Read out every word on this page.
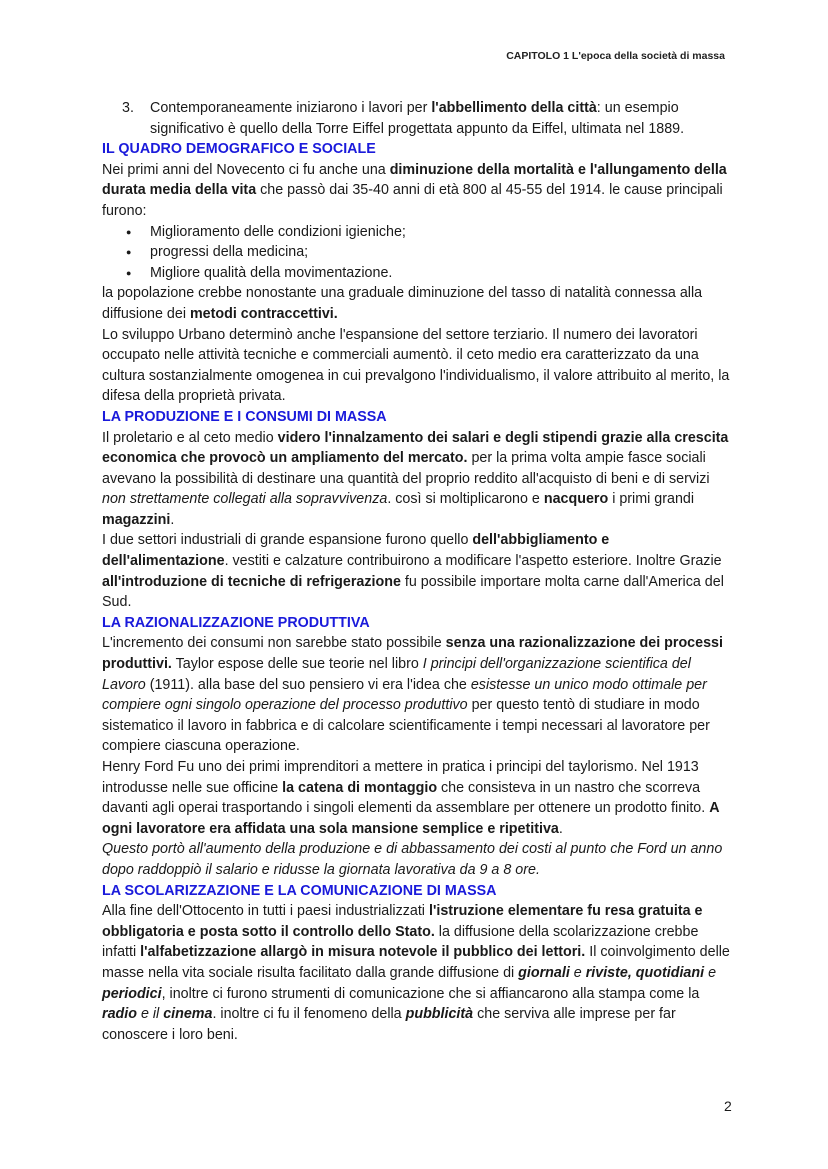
CAPITOLO 1 L'epoca della società di massa

3. Contemporaneamente iniziarono i lavori per l'abbellimento della città: un esempio significativo è quello della Torre Eiffel progettata appunto da Eiffel, ultimata nel 1889.

IL QUADRO DEMOGRAFICO E SOCIALE

Nei primi anni del Novecento ci fu anche una diminuzione della mortalità e l'allungamento della durata media della vita che passò dai 35-40 anni di età 800 al 45-55 del 1914. le cause principali furono:

● Miglioramento delle condizioni igieniche;
● progressi della medicina;
● Migliore qualità della movimentazione.

la popolazione crebbe nonostante una graduale diminuzione del tasso di natalità connessa alla diffusione dei metodi contraccettivi.

Lo sviluppo Urbano determinò anche l'espansione del settore terziario. Il numero dei lavoratori occupato nelle attività tecniche e commerciali aumentò. il ceto medio era caratterizzato da una cultura sostanzialmente omogenea in cui prevalgono l'individualismo, il valore attribuito al merito, la difesa della proprietà privata.

LA PRODUZIONE E I CONSUMI DI MASSA

Il proletario e al ceto medio videro l'innalzamento dei salari e degli stipendi grazie alla crescita economica che provocò un ampliamento del mercato. per la prima volta ampie fasce sociali avevano la possibilità di destinare una quantità del proprio reddito all'acquisto di beni e di servizi non strettamente collegati alla sopravvivenza. così si moltiplicarono e nacquero i primi grandi magazzini.

I due settori industriali di grande espansione furono quello dell'abbigliamento e dell'alimentazione. vestiti e calzature contribuirono a modificare l'aspetto esteriore. Inoltre Grazie all'introduzione di tecniche di refrigerazione fu possibile importare molta carne dall'America del Sud.

LA RAZIONALIZZAZIONE PRODUTTIVA

L'incremento dei consumi non sarebbe stato possibile senza una razionalizzazione dei processi produttivi. Taylor espose delle sue teorie nel libro I principi dell'organizzazione scientifica del Lavoro (1911). alla base del suo pensiero vi era l'idea che esistesse un unico modo ottimale per compiere ogni singolo operazione del processo produttivo per questo tentò di studiare in modo sistematico il lavoro in fabbrica e di calcolare scientificamente i tempi necessari al lavoratore per compiere ciascuna operazione.

Henry Ford Fu uno dei primi imprenditori a mettere in pratica i principi del taylorismo. Nel 1913 introdusse nelle sue officine la catena di montaggio che consisteva in un nastro che scorreva davanti agli operai trasportando i singoli elementi da assemblare per ottenere un prodotto finito. A ogni lavoratore era affidata una sola mansione semplice e ripetitiva.

Questo portò all'aumento della produzione e di abbassamento dei costi al punto che Ford un anno dopo raddoppiò il salario e ridusse la giornata lavorativa da 9 a 8 ore.

LA SCOLARIZZAZIONE E LA COMUNICAZIONE DI MASSA

Alla fine dell'Ottocento in tutti i paesi industrializzati l'istruzione elementare fu resa gratuita e obbligatoria e posta sotto il controllo dello Stato. la diffusione della scolarizzazione crebbe infatti l'alfabetizzazione allargò in misura notevole il pubblico dei lettori. Il coinvolgimento delle masse nella vita sociale risulta facilitato dalla grande diffusione di giornali e riviste, quotidiani e periodici, inoltre ci furono strumenti di comunicazione che si affiancarono alla stampa come la radio e il cinema. inoltre ci fu il fenomeno della pubblicità che serviva alle imprese per far conoscere i loro beni.

2
